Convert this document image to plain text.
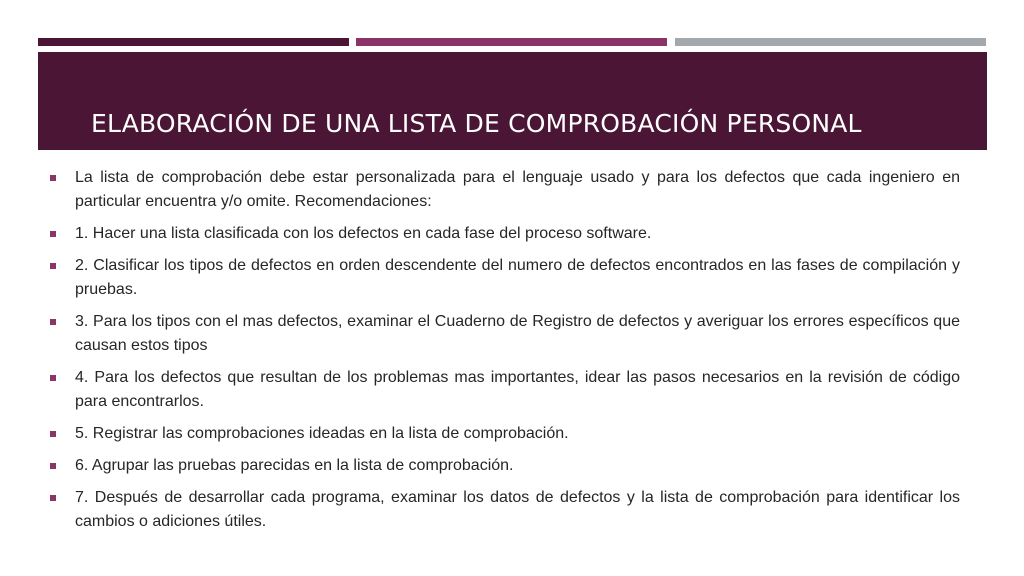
ELABORACIÓN DE UNA LISTA DE COMPROBACIÓN PERSONAL
La lista de comprobación debe estar personalizada para el lenguaje usado y para los defectos que cada ingeniero en particular encuentra y/o omite. Recomendaciones:
1. Hacer una lista clasificada con los defectos en cada fase del proceso software.
2. Clasificar los tipos de defectos en orden descendente del numero de defectos encontrados en las fases de compilación y pruebas.
3. Para los tipos con el mas defectos, examinar el Cuaderno de Registro de defectos y averiguar los errores específicos que causan estos tipos
4. Para los defectos que resultan de los problemas mas importantes, idear las pasos necesarios en la revisión de código para encontrarlos.
5. Registrar las comprobaciones ideadas en la lista de comprobación.
6. Agrupar las pruebas parecidas en la lista de comprobación.
7. Después de desarrollar cada programa, examinar los datos de defectos y la lista de comprobación para identificar los cambios o adiciones útiles.
